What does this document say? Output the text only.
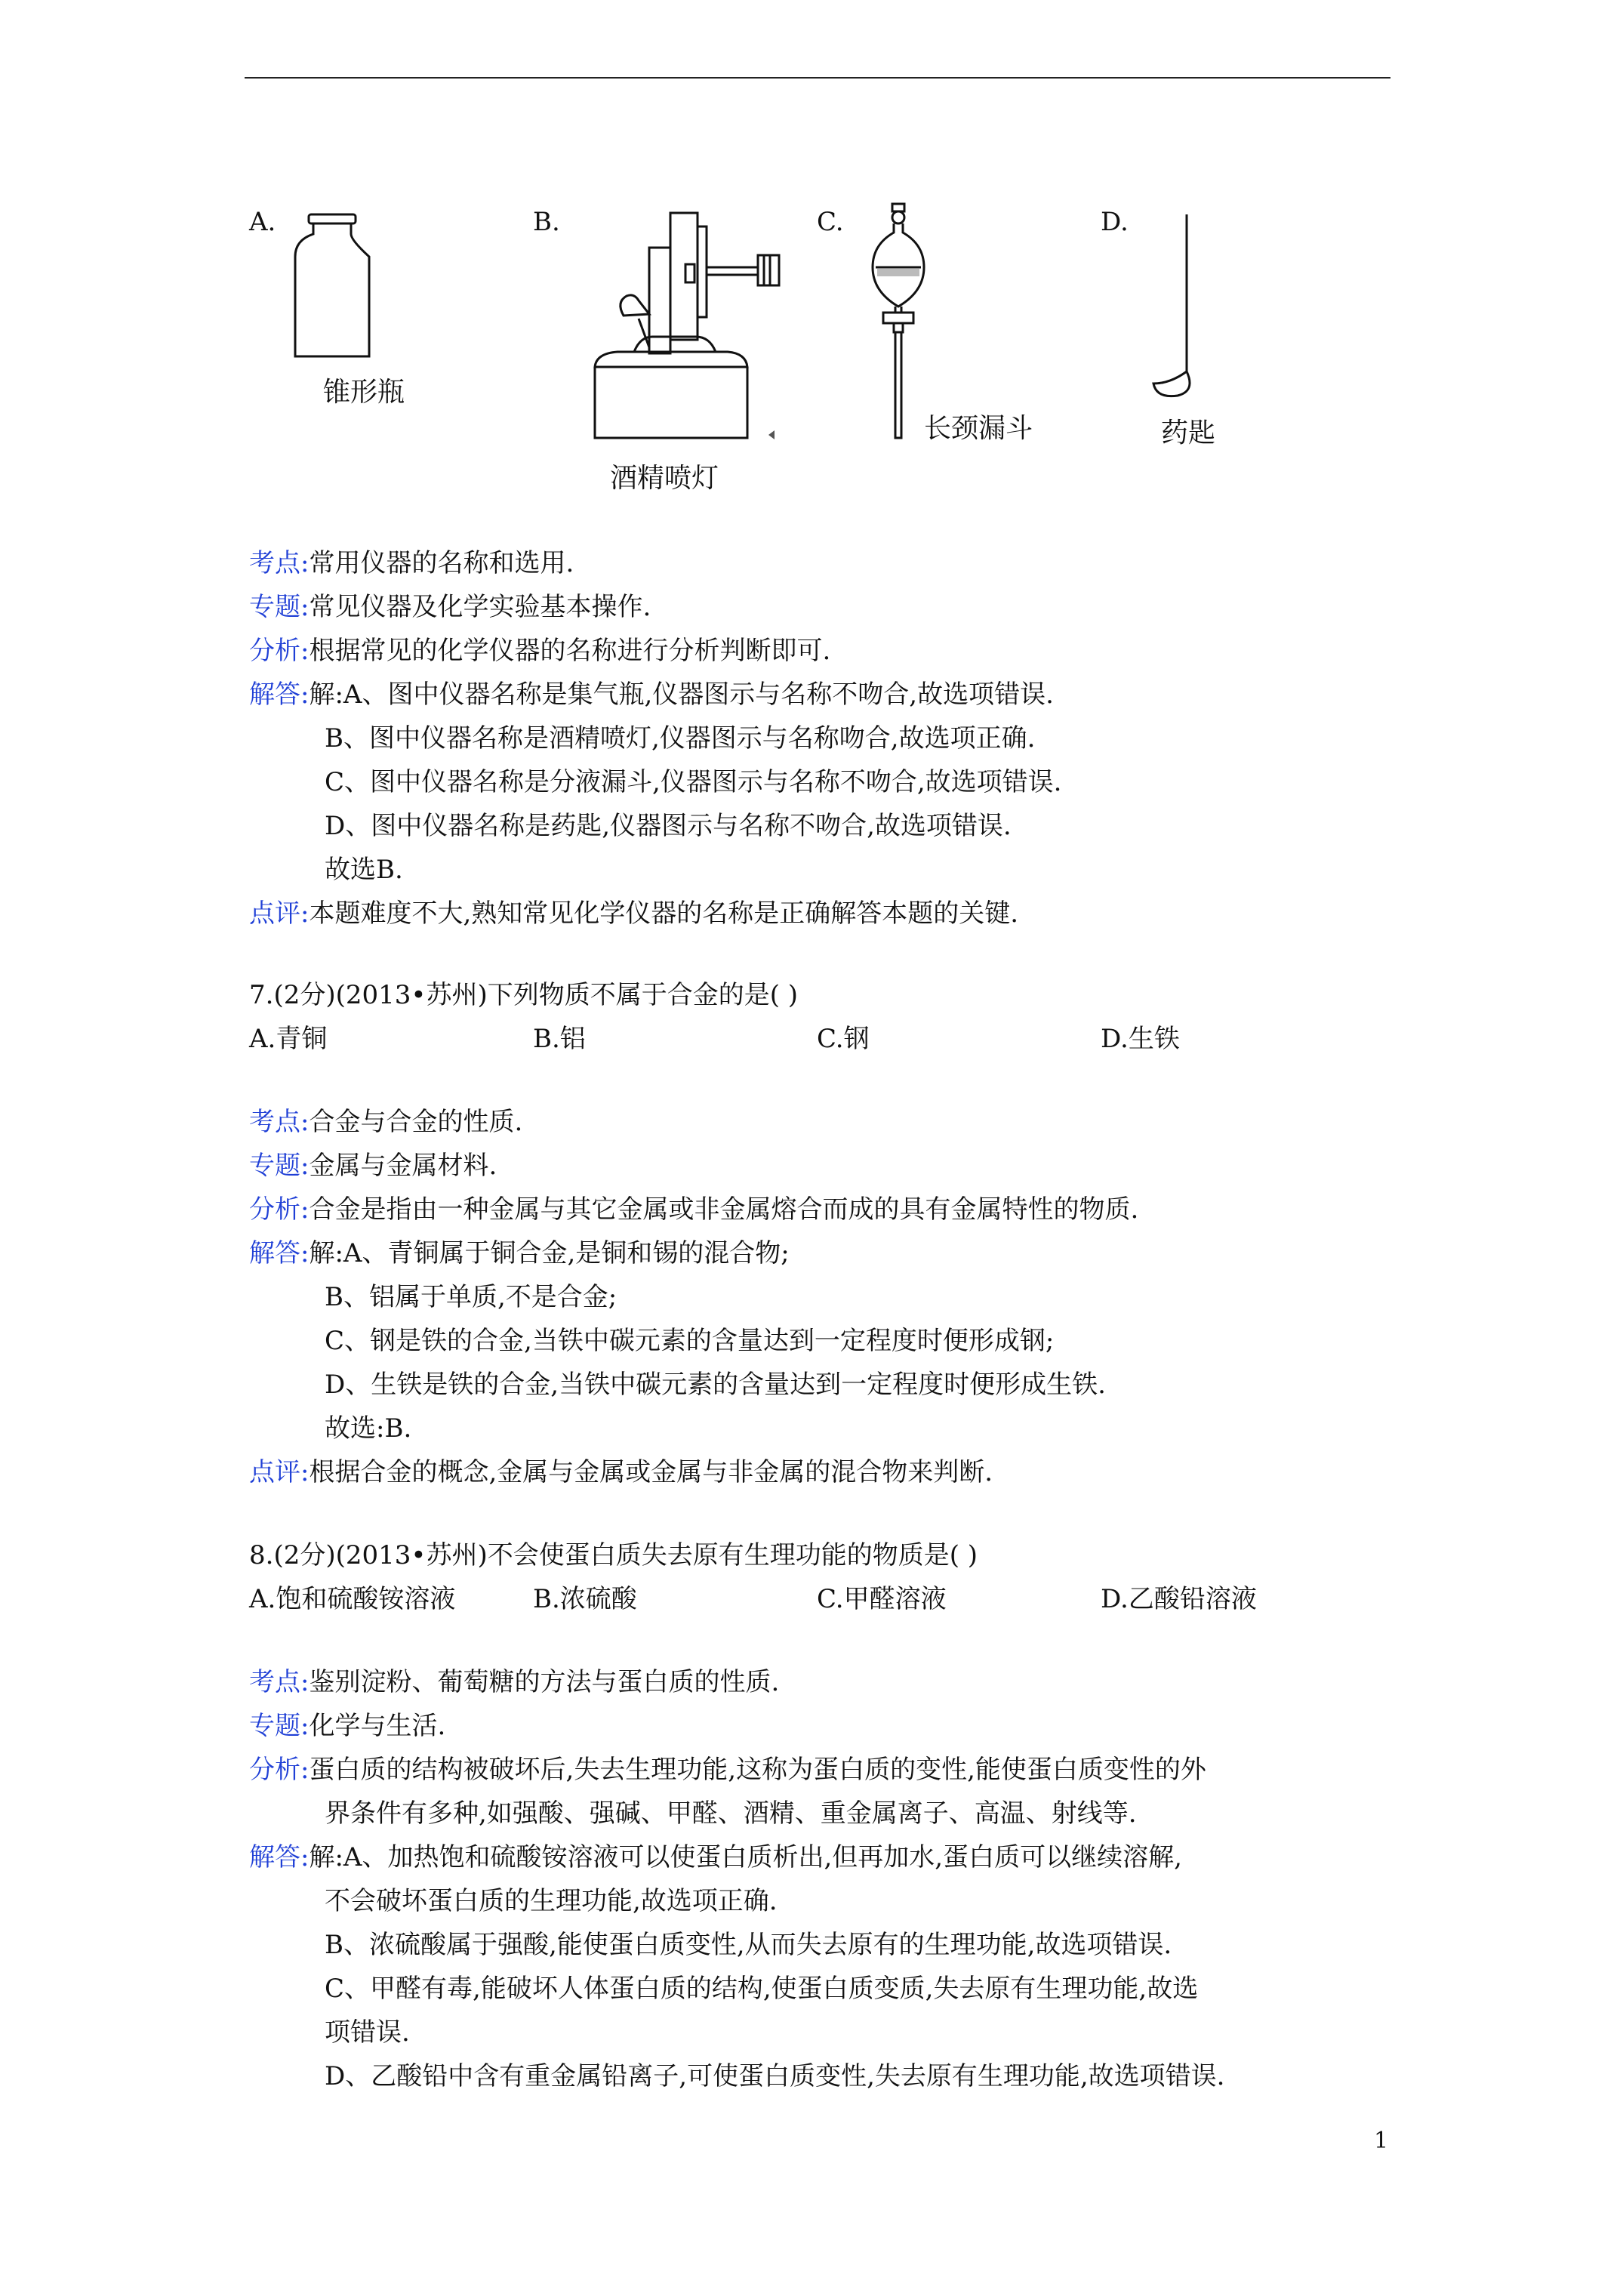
A.
锥形瓶
B.
酒精喷灯
C.
长颈漏斗
D.
药匙
考点:常用仪器的名称和选用.
专题:常见仪器及化学实验基本操作.
分析:根据常见的化学仪器的名称进行分析判断即可.
解答:解:A、图中仪器名称是集气瓶,仪器图示与名称不吻合,故选项错误.
B、图中仪器名称是酒精喷灯,仪器图示与名称吻合,故选项正确.
C、图中仪器名称是分液漏斗,仪器图示与名称不吻合,故选项错误.
D、图中仪器名称是药匙,仪器图示与名称不吻合,故选项错误.
故选B.
点评:本题难度不大,熟知常见化学仪器的名称是正确解答本题的关键.
7.(2分)(2013•苏州)下列物质不属于合金的是( )
A.青铜	B.铝	C.钢	D.生铁
考点:合金与合金的性质.
专题:金属与金属材料.
分析:合金是指由一种金属与其它金属或非金属熔合而成的具有金属特性的物质.
解答:解:A、青铜属于铜合金,是铜和锡的混合物;
B、铝属于单质,不是合金;
C、钢是铁的合金,当铁中碳元素的含量达到一定程度时便形成钢;
D、生铁是铁的合金,当铁中碳元素的含量达到一定程度时便形成生铁.
故选:B.
点评:根据合金的概念,金属与金属或金属与非金属的混合物来判断.
8.(2分)(2013•苏州)不会使蛋白质失去原有生理功能的物质是( )
A.饱和硫酸铵溶液	B.浓硫酸	C.甲醛溶液	D.乙酸铅溶液
考点:鉴别淀粉、葡萄糖的方法与蛋白质的性质.
专题:化学与生活.
分析:蛋白质的结构被破坏后,失去生理功能,这称为蛋白质的变性,能使蛋白质变性的外
界条件有多种,如强酸、强碱、甲醛、酒精、重金属离子、高温、射线等.
解答:解:A、加热饱和硫酸铵溶液可以使蛋白质析出,但再加水,蛋白质可以继续溶解,
不会破坏蛋白质的生理功能,故选项正确.
B、浓硫酸属于强酸,能使蛋白质变性,从而失去原有的生理功能,故选项错误.
C、甲醛有毒,能破坏人体蛋白质的结构,使蛋白质变质,失去原有生理功能,故选
项错误.
D、乙酸铅中含有重金属铅离子,可使蛋白质变性,失去原有生理功能,故选项错误.
1
